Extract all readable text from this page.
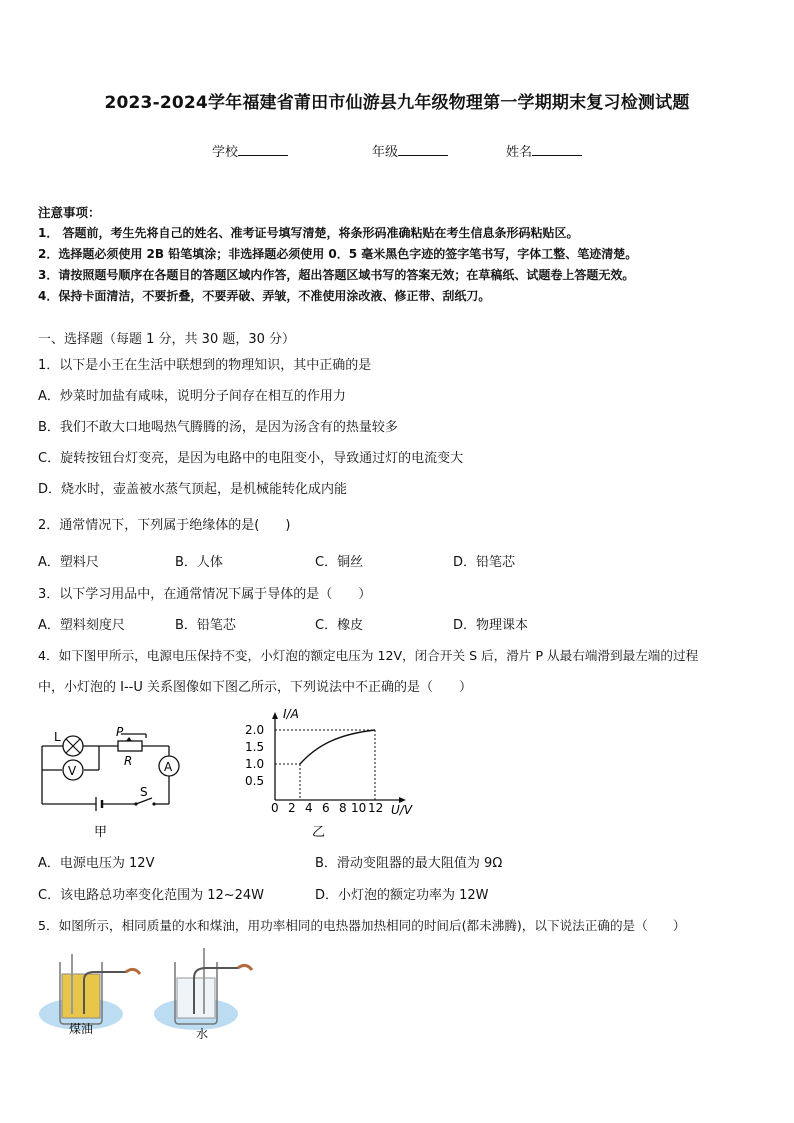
2023-2024学年福建省莆田市仙游县九年级物理第一学期期末复习检测试题
学校	年级	姓名
注意事项：
1． 答题前，考生先将自己的姓名、准考证号填写清楚，将条形码准确粘贴在考生信息条形码粘贴区。
2．选择题必须使用 2B 铅笔填涂；非选择题必须使用 0．5 毫米黑色字迹的签字笔书写，字体工整、笔迹清楚。
3．请按照题号顺序在各题目的答题区域内作答，超出答题区域书写的答案无效；在草稿纸、试题卷上答题无效。
4．保持卡面清洁，不要折叠，不要弄破、弄皱，不准使用涂改液、修正带、刮纸刀。
一、选择题（每题 1 分，共 30 题，30 分）
1．以下是小王在生活中联想到的物理知识，其中正确的是
A．炒菜时加盐有咸味，说明分子间存在相互的作用力
B．我们不敢大口地喝热气腾腾的汤，是因为汤含有的热量较多
C．旋转按钮台灯变亮，是因为电路中的电阻变小，导致通过灯的电流变大
D．烧水时，壶盖被水蒸气顶起，是机械能转化成内能
2．通常情况下，下列属于绝缘体的是(　　)
A．塑料尺	B．人体	C．铜丝	D．铅笔芯
3．以下学习用品中，在通常情况下属于导体的是（　　）
A．塑料刻度尺	B．铅笔芯	C．橡皮	D．物理课本
4．如下图甲所示，电源电压保持不变，小灯泡的额定电压为 12V，闭合开关 S 后，滑片 P 从最右端滑到最左端的过程
中，小灯泡的 I--U 关系图像如下图乙所示，下列说法中不正确的是（　　）
L	P
R
V	A
S
甲
I/A
U/V
2.0
1.5
1.0
0.5
0 2 4 6 8 10 12
乙
A．电源电压为 12V	B．滑动变阻器的最大阻值为 9Ω
C．该电路总功率变化范围为 12~24W	D．小灯泡的额定功率为 12W
5．如图所示，相同质量的水和煤油，用功率相同的电热器加热相同的时间后(都未沸腾)，以下说法正确的是（　　）
煤油	水
